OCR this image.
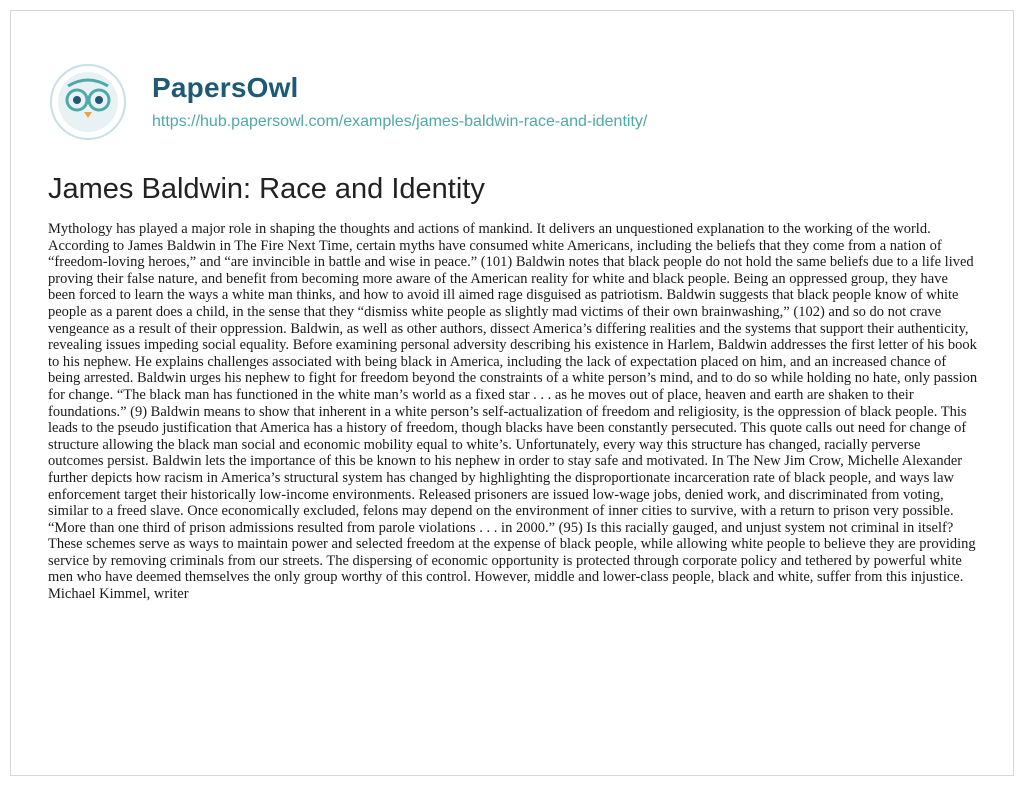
PapersOwl
https://hub.papersowl.com/examples/james-baldwin-race-and-identity/
James Baldwin: Race and Identity

Mythology has played a major role in shaping the thoughts and actions of mankind. It delivers an unquestioned explanation to the working of the world. According to James Baldwin in The Fire Next Time, certain myths have consumed white Americans, including the beliefs that they come from a nation of “freedom-loving heroes,” and “are invincible in battle and wise in peace.” (101) Baldwin notes that black people do not hold the same beliefs due to a life lived proving their false nature, and benefit from becoming more aware of the American reality for white and black people. Being an oppressed group, they have been forced to learn the ways a white man thinks, and how to avoid ill aimed rage disguised as patriotism. Baldwin suggests that black people know of white people as a parent does a child, in the sense that they “dismiss white people as slightly mad victims of their own brainwashing,” (102) and so do not crave vengeance as a result of their oppression. Baldwin, as well as other authors, dissect America’s differing realities and the systems that support their authenticity, revealing issues impeding social equality. Before examining personal adversity describing his existence in Harlem, Baldwin addresses the first letter of his book to his nephew. He explains challenges associated with being black in America, including the lack of expectation placed on him, and an increased chance of being arrested. Baldwin urges his nephew to fight for freedom beyond the constraints of a white person’s mind, and to do so while holding no hate, only passion for change. “The black man has functioned in the white man’s world as a fixed star . . . as he moves out of place, heaven and earth are shaken to their foundations.” (9) Baldwin means to show that inherent in a white person’s self-actualization of freedom and religiosity, is the oppression of black people. This leads to the pseudo justification that America has a history of freedom, though blacks have been constantly persecuted. This quote calls out need for change of structure allowing the black man social and economic mobility equal to white’s. Unfortunately, every way this structure has changed, racially perverse outcomes persist. Baldwin lets the importance of this be known to his nephew in order to stay safe and motivated. In The New Jim Crow, Michelle Alexander further depicts how racism in America’s structural system has changed by highlighting the disproportionate incarceration rate of black people, and ways law enforcement target their historically low-income environments. Released prisoners are issued low-wage jobs, denied work, and discriminated from voting, similar to a freed slave. Once economically excluded, felons may depend on the environment of inner cities to survive, with a return to prison very possible. “More than one third of prison admissions resulted from parole violations . . . in 2000.” (95) Is this racially gauged, and unjust system not criminal in itself? These schemes serve as ways to maintain power and selected freedom at the expense of black people, while allowing white people to believe they are providing service by removing criminals from our streets. The dispersing of economic opportunity is protected through corporate policy and tethered by powerful white men who have deemed themselves the only group worthy of this control. However, middle and lower-class people, black and white, suffer from this injustice. Michael Kimmel, writer
